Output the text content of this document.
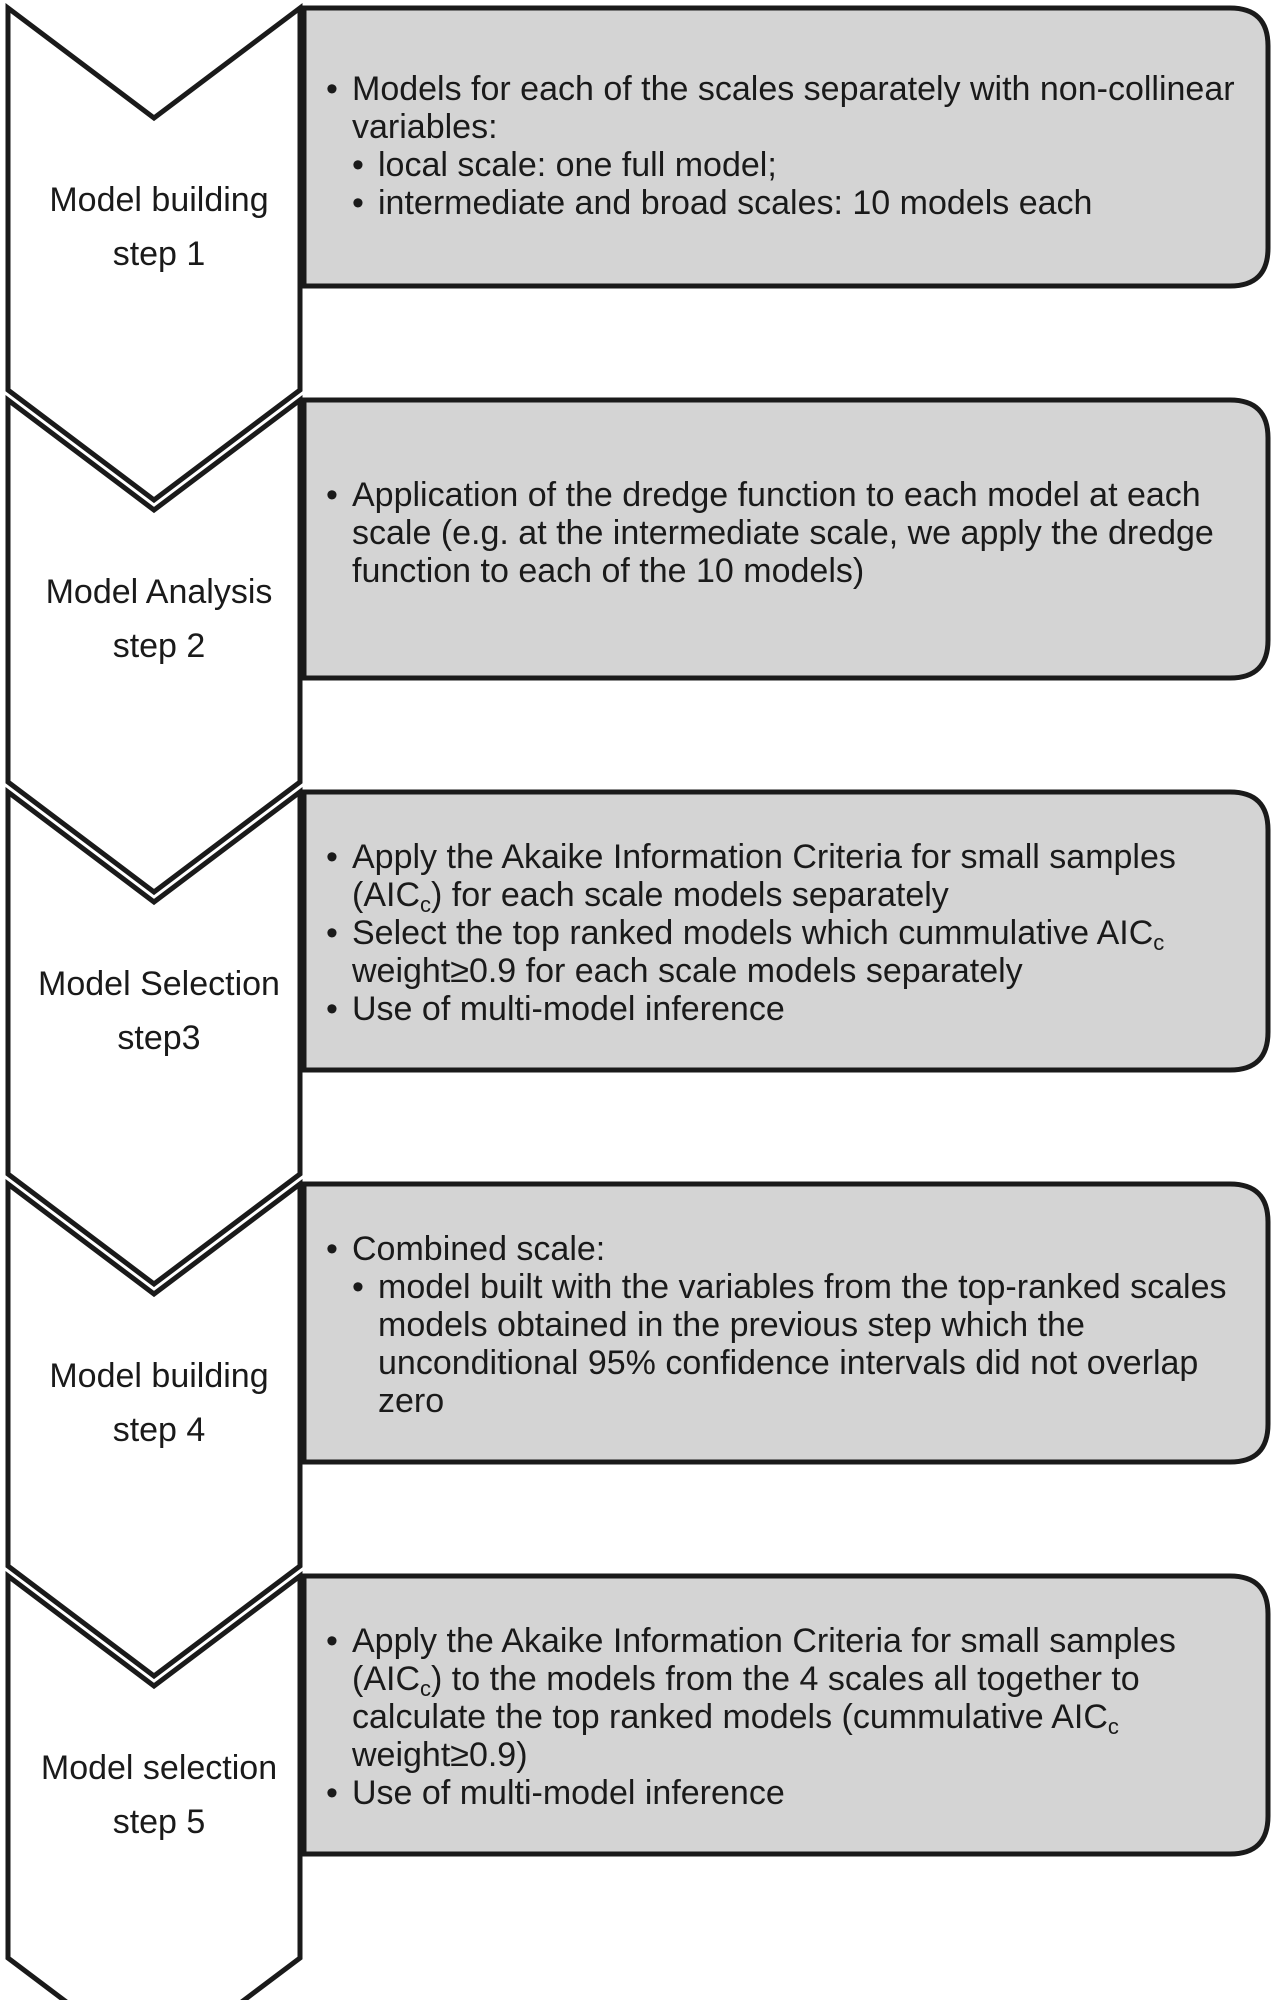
Model building
step 1
• Models for each of the scales separately with non-collinear variables:
• local scale: one full model;
• intermediate and broad scales: 10 models each
Model Analysis
step 2
• Application of the dredge function to each model at each scale (e.g. at the intermediate scale, we apply the dredge function to each of the 10 models)
Model Selection
step3
• Apply the Akaike Information Criteria for small samples $(AIC_c)$ for each scale models separately
• Select the top ranked models which cummulative $AIC_c$ weight≥0.9 for each scale models separately
• Use of multi-model inference
Model building
step 4
• Combined scale:
• model built with the variables from the top-ranked scales models obtained in the previous step which the unconditional 95% confidence intervals did not overlap zero
Model selection
step 5
• Apply the Akaike Information Criteria for small samples $(AIC_c)$ to the models from the 4 scales all together to calculate the top ranked models (cummulative $AIC_c$ weight≥0.9)
• Use of multi-model inference
